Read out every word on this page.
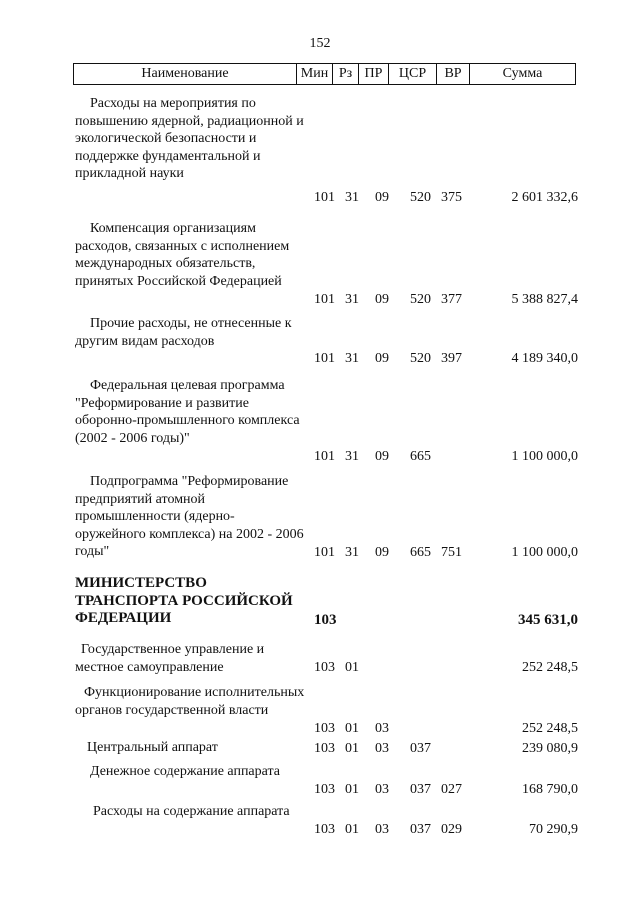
152
Наименование	Мин Рз ПР	ЦСР	ВР	Сумма
Расходы на мероприятия по повышению ядерной, радиационной и экологической безопасности и поддержке фундаментальной и прикладной науки
101 31 09 520 375	2 601 332,6
Компенсация организациям расходов, связанных с исполнением международных обязательств, принятых Российской Федерацией
101 31 09 520 377	5 388 827,4
Прочие расходы, не отнесенные к другим видам расходов
101 31 09 520 397	4 189 340,0
Федеральная целевая программа "Реформирование и развитие оборонно-промышленного комплекса (2002 - 2006 годы)"
101 31 09 665	1 100 000,0
Подпрограмма "Реформирование предприятий атомной промышленности (ядерно-оружейного комплекса) на 2002 - 2006 годы"	101 31 09 665 751	1 100 000,0
МИНИСТЕРСТВО ТРАНСПОРТА РОССИЙСКОЙ ФЕДЕРАЦИИ	103	345 631,0
Государственное управление и местное самоуправление	103 01	252 248,5
Функционирование исполнительных органов государственной власти
103 01 03	252 248,5
Центральный аппарат	103 01 03 037	239 080,9
Денежное содержание аппарата
103 01 03 037 027	168 790,0
Расходы на содержание аппарата
103 01 03 037 029	70 290,9
